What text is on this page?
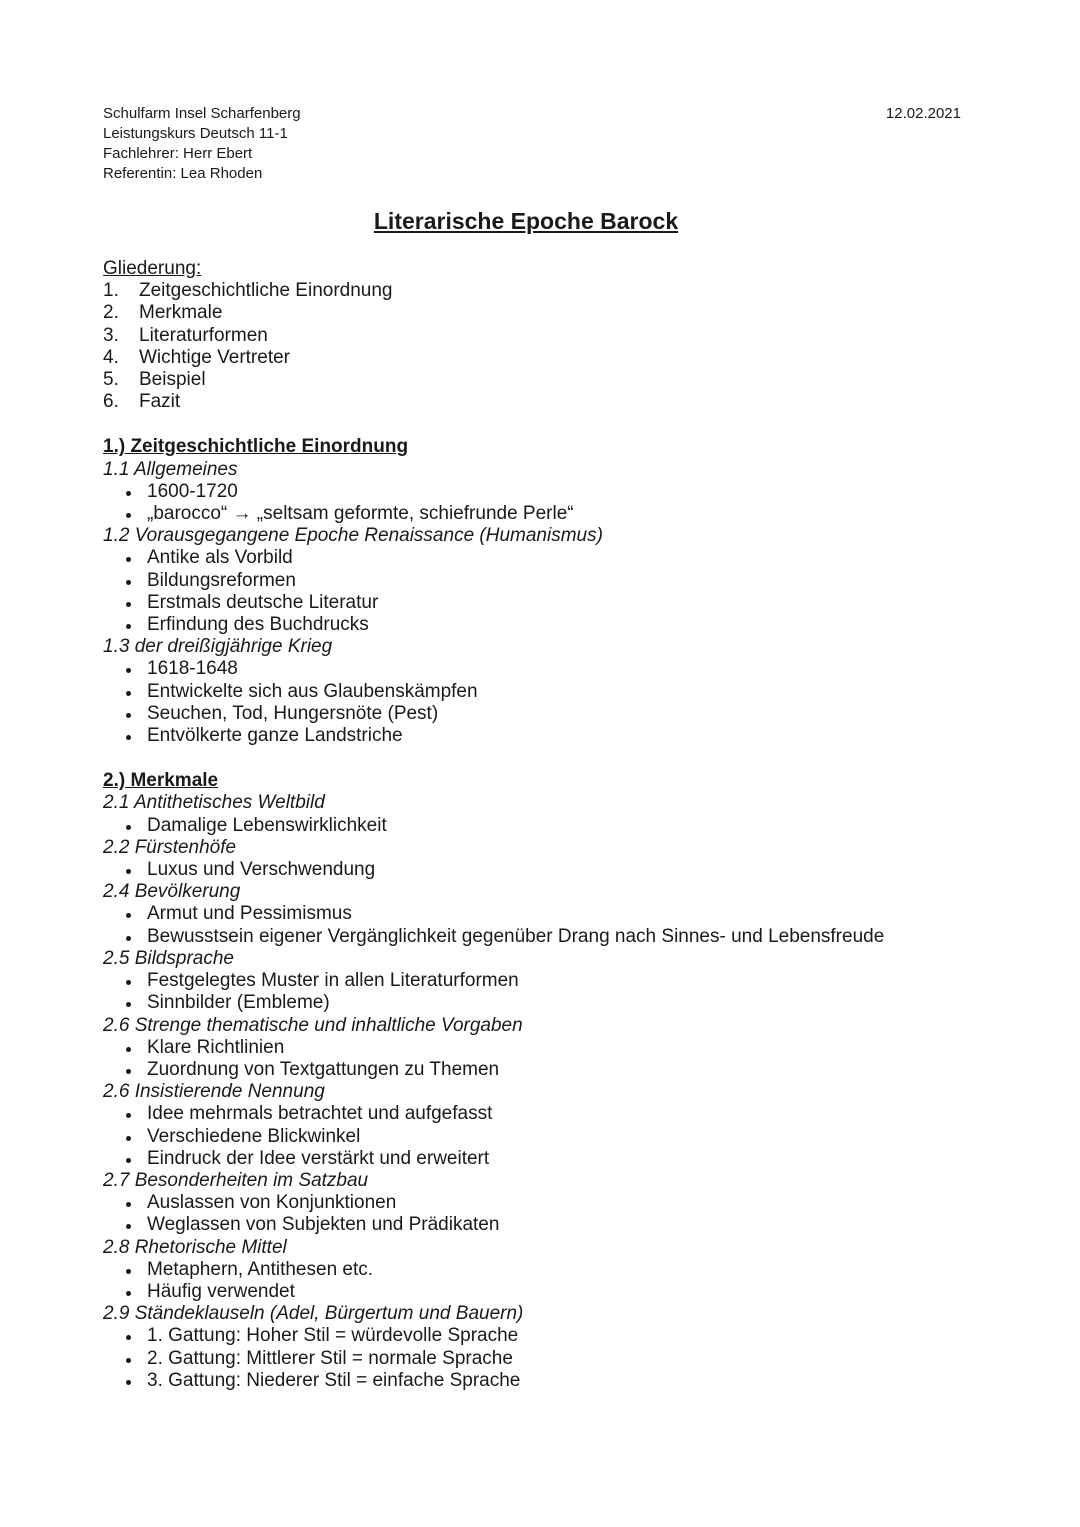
Schulfarm Insel Scharfenberg
Leistungskurs Deutsch 11-1
Fachlehrer: Herr Ebert
Referentin: Lea Rhoden
12.02.2021
Literarische Epoche Barock
Gliederung:
1.	Zeitgeschichtliche Einordnung
2.	Merkmale
3.	Literaturformen
4.	Wichtige Vertreter
5.	Beispiel
6.	Fazit
1.) Zeitgeschichtliche Einordnung
1.1 Allgemeines
1600-1720
„barocco“ → „seltsam geformte, schiefrunde Perle“
1.2 Vorausgegangene Epoche Renaissance (Humanismus)
Antike als Vorbild
Bildungsreformen
Erstmals deutsche Literatur
Erfindung des Buchdrucks
1.3 der dreißigjährige Krieg
1618-1648
Entwickelte sich aus Glaubenskämpfen
Seuchen, Tod, Hungersnöte (Pest)
Entvölkerte ganze Landstriche
2.) Merkmale
2.1 Antithetisches Weltbild
Damalige Lebenswirklichkeit
2.2 Fürstenhöfe
Luxus und Verschwendung
2.4 Bevölkerung
Armut und Pessimismus
Bewusstsein eigener Vergänglichkeit gegenüber Drang nach Sinnes- und Lebensfreude
2.5 Bildsprache
Festgelegtes Muster in allen Literaturformen
Sinnbilder (Embleme)
2.6 Strenge thematische und inhaltliche Vorgaben
Klare Richtlinien
Zuordnung von Textgattungen zu Themen
2.6 Insistierende Nennung
Idee mehrmals betrachtet und aufgefasst
Verschiedene Blickwinkel
Eindruck der Idee verstärkt und erweitert
2.7 Besonderheiten im Satzbau
Auslassen von Konjunktionen
Weglassen von Subjekten und Prädikaten
2.8 Rhetorische Mittel
Metaphern, Antithesen etc.
Häufig verwendet
2.9 Ständeklauseln (Adel, Bürgertum und Bauern)
1. Gattung: Hoher Stil = würdevolle Sprache
2. Gattung: Mittlerer Stil = normale Sprache
3. Gattung: Niederer Stil = einfache Sprache
